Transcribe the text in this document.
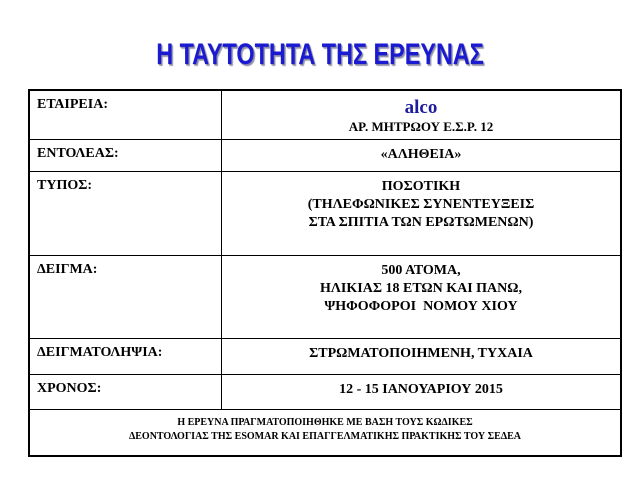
Η ΤΑΥΤΟΤΗΤΑ ΤΗΣ ΕΡΕΥΝΑΣ
ΕΤΑΙΡΕΙΑ:	alco
ΑΡ. ΜΗΤΡΩΟΥ Ε.Σ.Ρ. 12

ΕΝΤΟΛΕΑΣ:	«ΑΛΗΘΕΙΑ»

ΤΥΠΟΣ:	ΠΟΣΟΤΙΚΗ
(ΤΗΛΕΦΩΝΙΚΕΣ ΣΥΝΕΝΤΕΥΞΕΙΣ
ΣΤΑ ΣΠΙΤΙΑ ΤΩΝ ΕΡΩΤΩΜΕΝΩΝ)

ΔΕΙΓΜΑ:	500 ΑΤΟΜΑ,
ΗΛΙΚΙΑΣ 18 ΕΤΩΝ ΚΑΙ ΠΑΝΩ,
ΨΗΦΟΦΟΡΟΙ  ΝΟΜΟΥ ΧΙΟΥ

ΔΕΙΓΜΑΤΟΛΗΨΙΑ:	ΣΤΡΩΜΑΤΟΠΟΙΗΜΕΝΗ, ΤΥΧΑΙΑ

ΧΡΟΝΟΣ:	12 - 15 ΙΑΝΟΥΑΡΙΟΥ 2015

Η ΕΡΕΥΝΑ ΠΡΑΓΜΑΤΟΠΟΙΗΘΗΚΕ ΜΕ ΒΑΣΗ ΤΟΥΣ ΚΩΔΙΚΕΣ
ΔΕΟΝΤΟΛΟΓΙΑΣ ΤΗΣ ESOMAR ΚΑΙ ΕΠΑΓΓΕΛΜΑΤΙΚΗΣ ΠΡΑΚΤΙΚΗΣ ΤΟΥ ΣΕΔΕΑ	
